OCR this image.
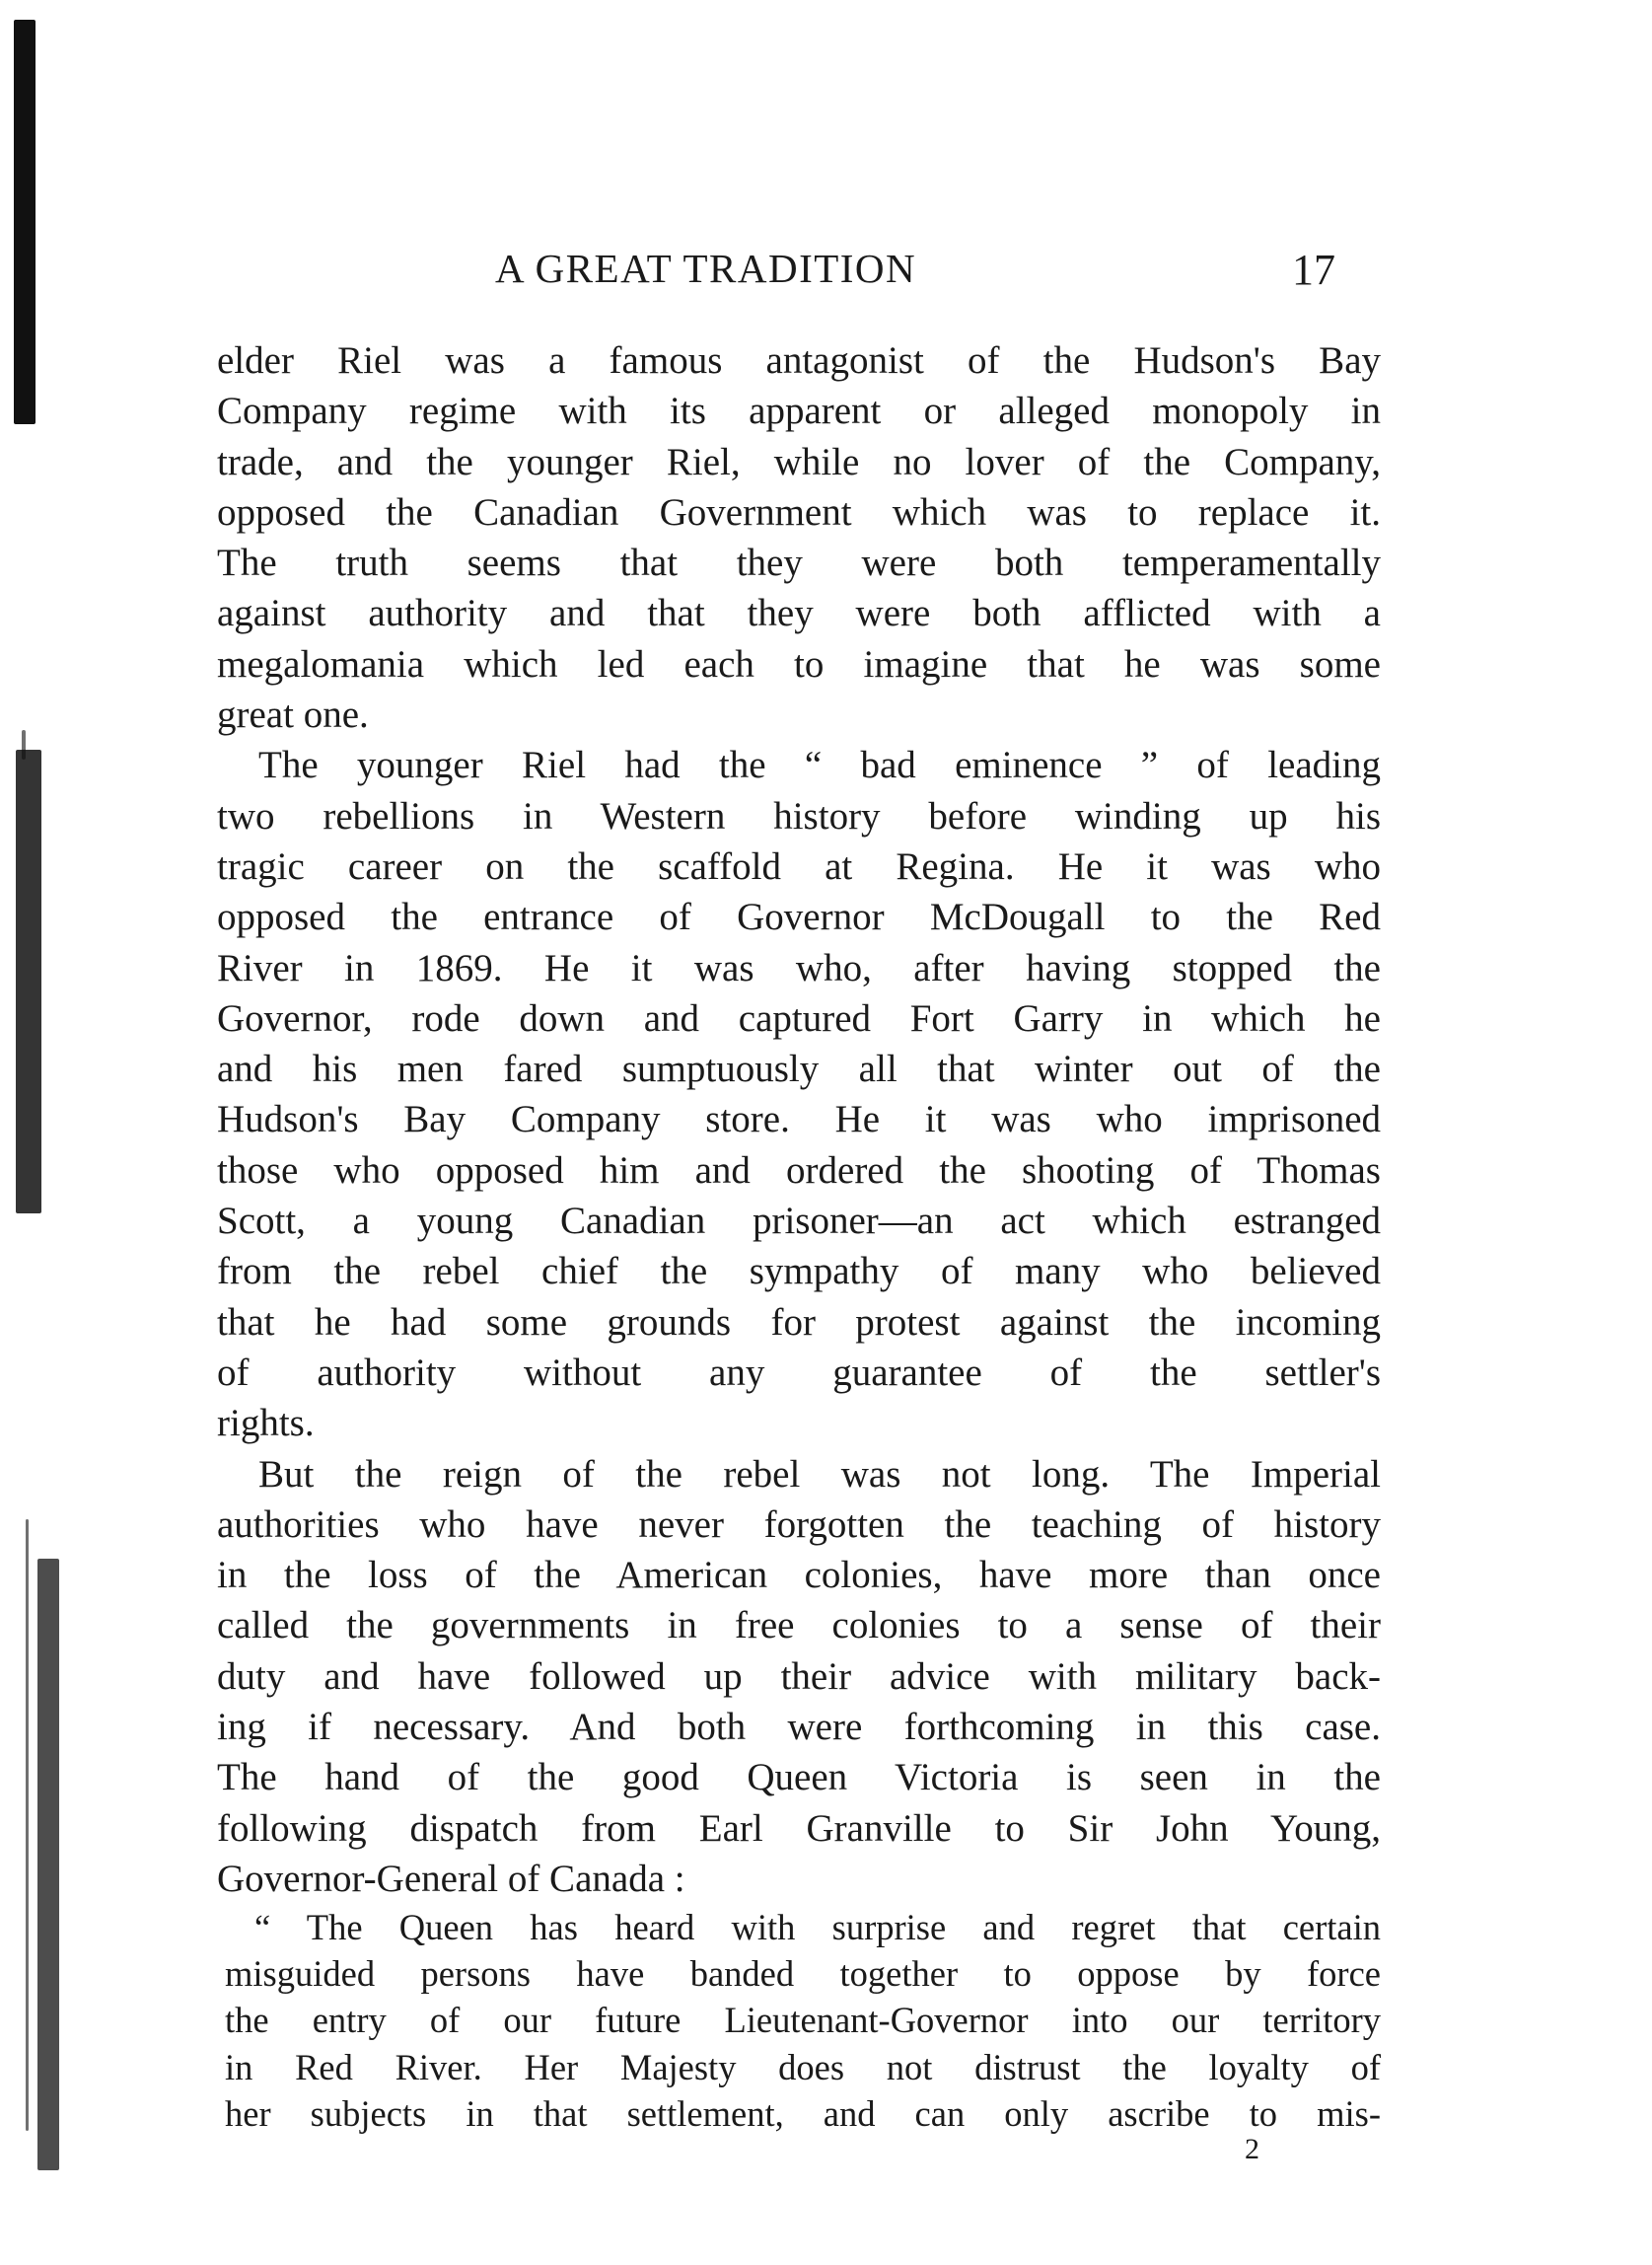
A GREAT TRADITION	17
elder Riel was a famous antagonist of the Hudson's Bay
Company regime with its apparent or alleged monopoly in
trade, and the younger Riel, while no lover of the Company,
opposed the Canadian Government which was to replace it.
The truth seems that they were both temperamentally
against authority and that they were both afflicted with a
megalomania which led each to imagine that he was some
great one.
The younger Riel had the “ bad eminence ” of leading
two rebellions in Western history before winding up his
tragic career on the scaffold at Regina. He it was who
opposed the entrance of Governor McDougall to the Red
River in 1869. He it was who, after having stopped the
Governor, rode down and captured Fort Garry in which he
and his men fared sumptuously all that winter out of the
Hudson's Bay Company store. He it was who imprisoned
those who opposed him and ordered the shooting of Thomas
Scott, a young Canadian prisoner—an act which estranged
from the rebel chief the sympathy of many who believed
that he had some grounds for protest against the incoming
of authority without any guarantee of the settler's
rights.
But the reign of the rebel was not long. The Imperial
authorities who have never forgotten the teaching of history
in the loss of the American colonies, have more than once
called the governments in free colonies to a sense of their
duty and have followed up their advice with military back-
ing if necessary. And both were forthcoming in this case.
The hand of the good Queen Victoria is seen in the
following dispatch from Earl Granville to Sir John Young,
Governor-General of Canada :
“ The Queen has heard with surprise and regret that certain
misguided persons have banded together to oppose by force
the entry of our future Lieutenant-Governor into our territory
in Red River. Her Majesty does not distrust the loyalty of
her subjects in that settlement, and can only ascribe to mis-
2
